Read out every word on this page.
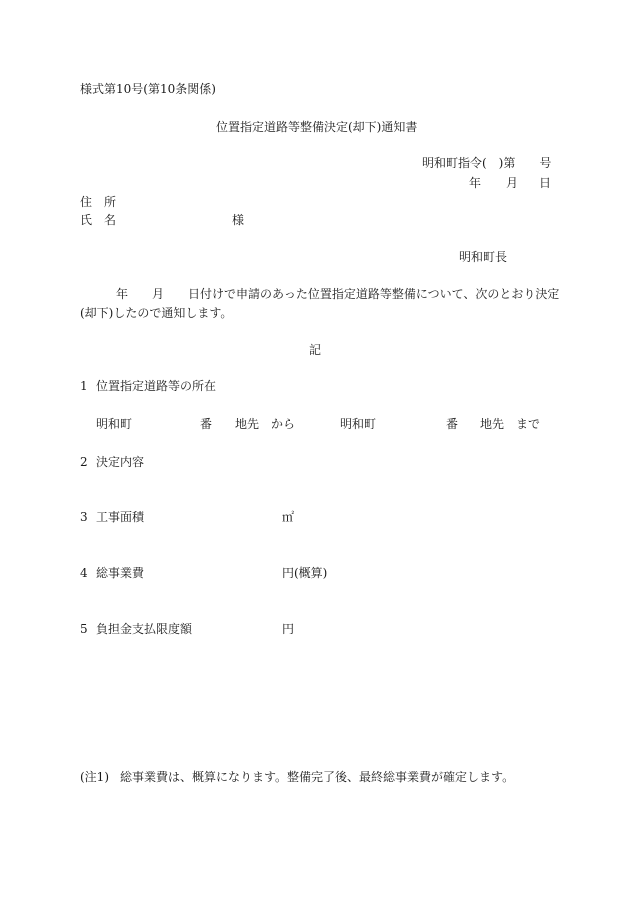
様式第10号(第10条関係)
位置指定道路等整備決定(却下)通知書
明和町指令(　)第　　号
年 月 日
住　所
氏　名	様
明和町長
　　　年　　月　　日付けで申請のあった位置指定道路等整備について、次のとおり決定
(却下)したので通知します。
記
1 位置指定道路等の所在
明和町	番 地先 から	明和町	番 地先 まで
2 決定内容
3 工事面積	㎡
4 総事業費	円(概算)
5 負担金支払限度額	円
(注1) 総事業費は、概算になります。整備完了後、最終総事業費が確定します。
